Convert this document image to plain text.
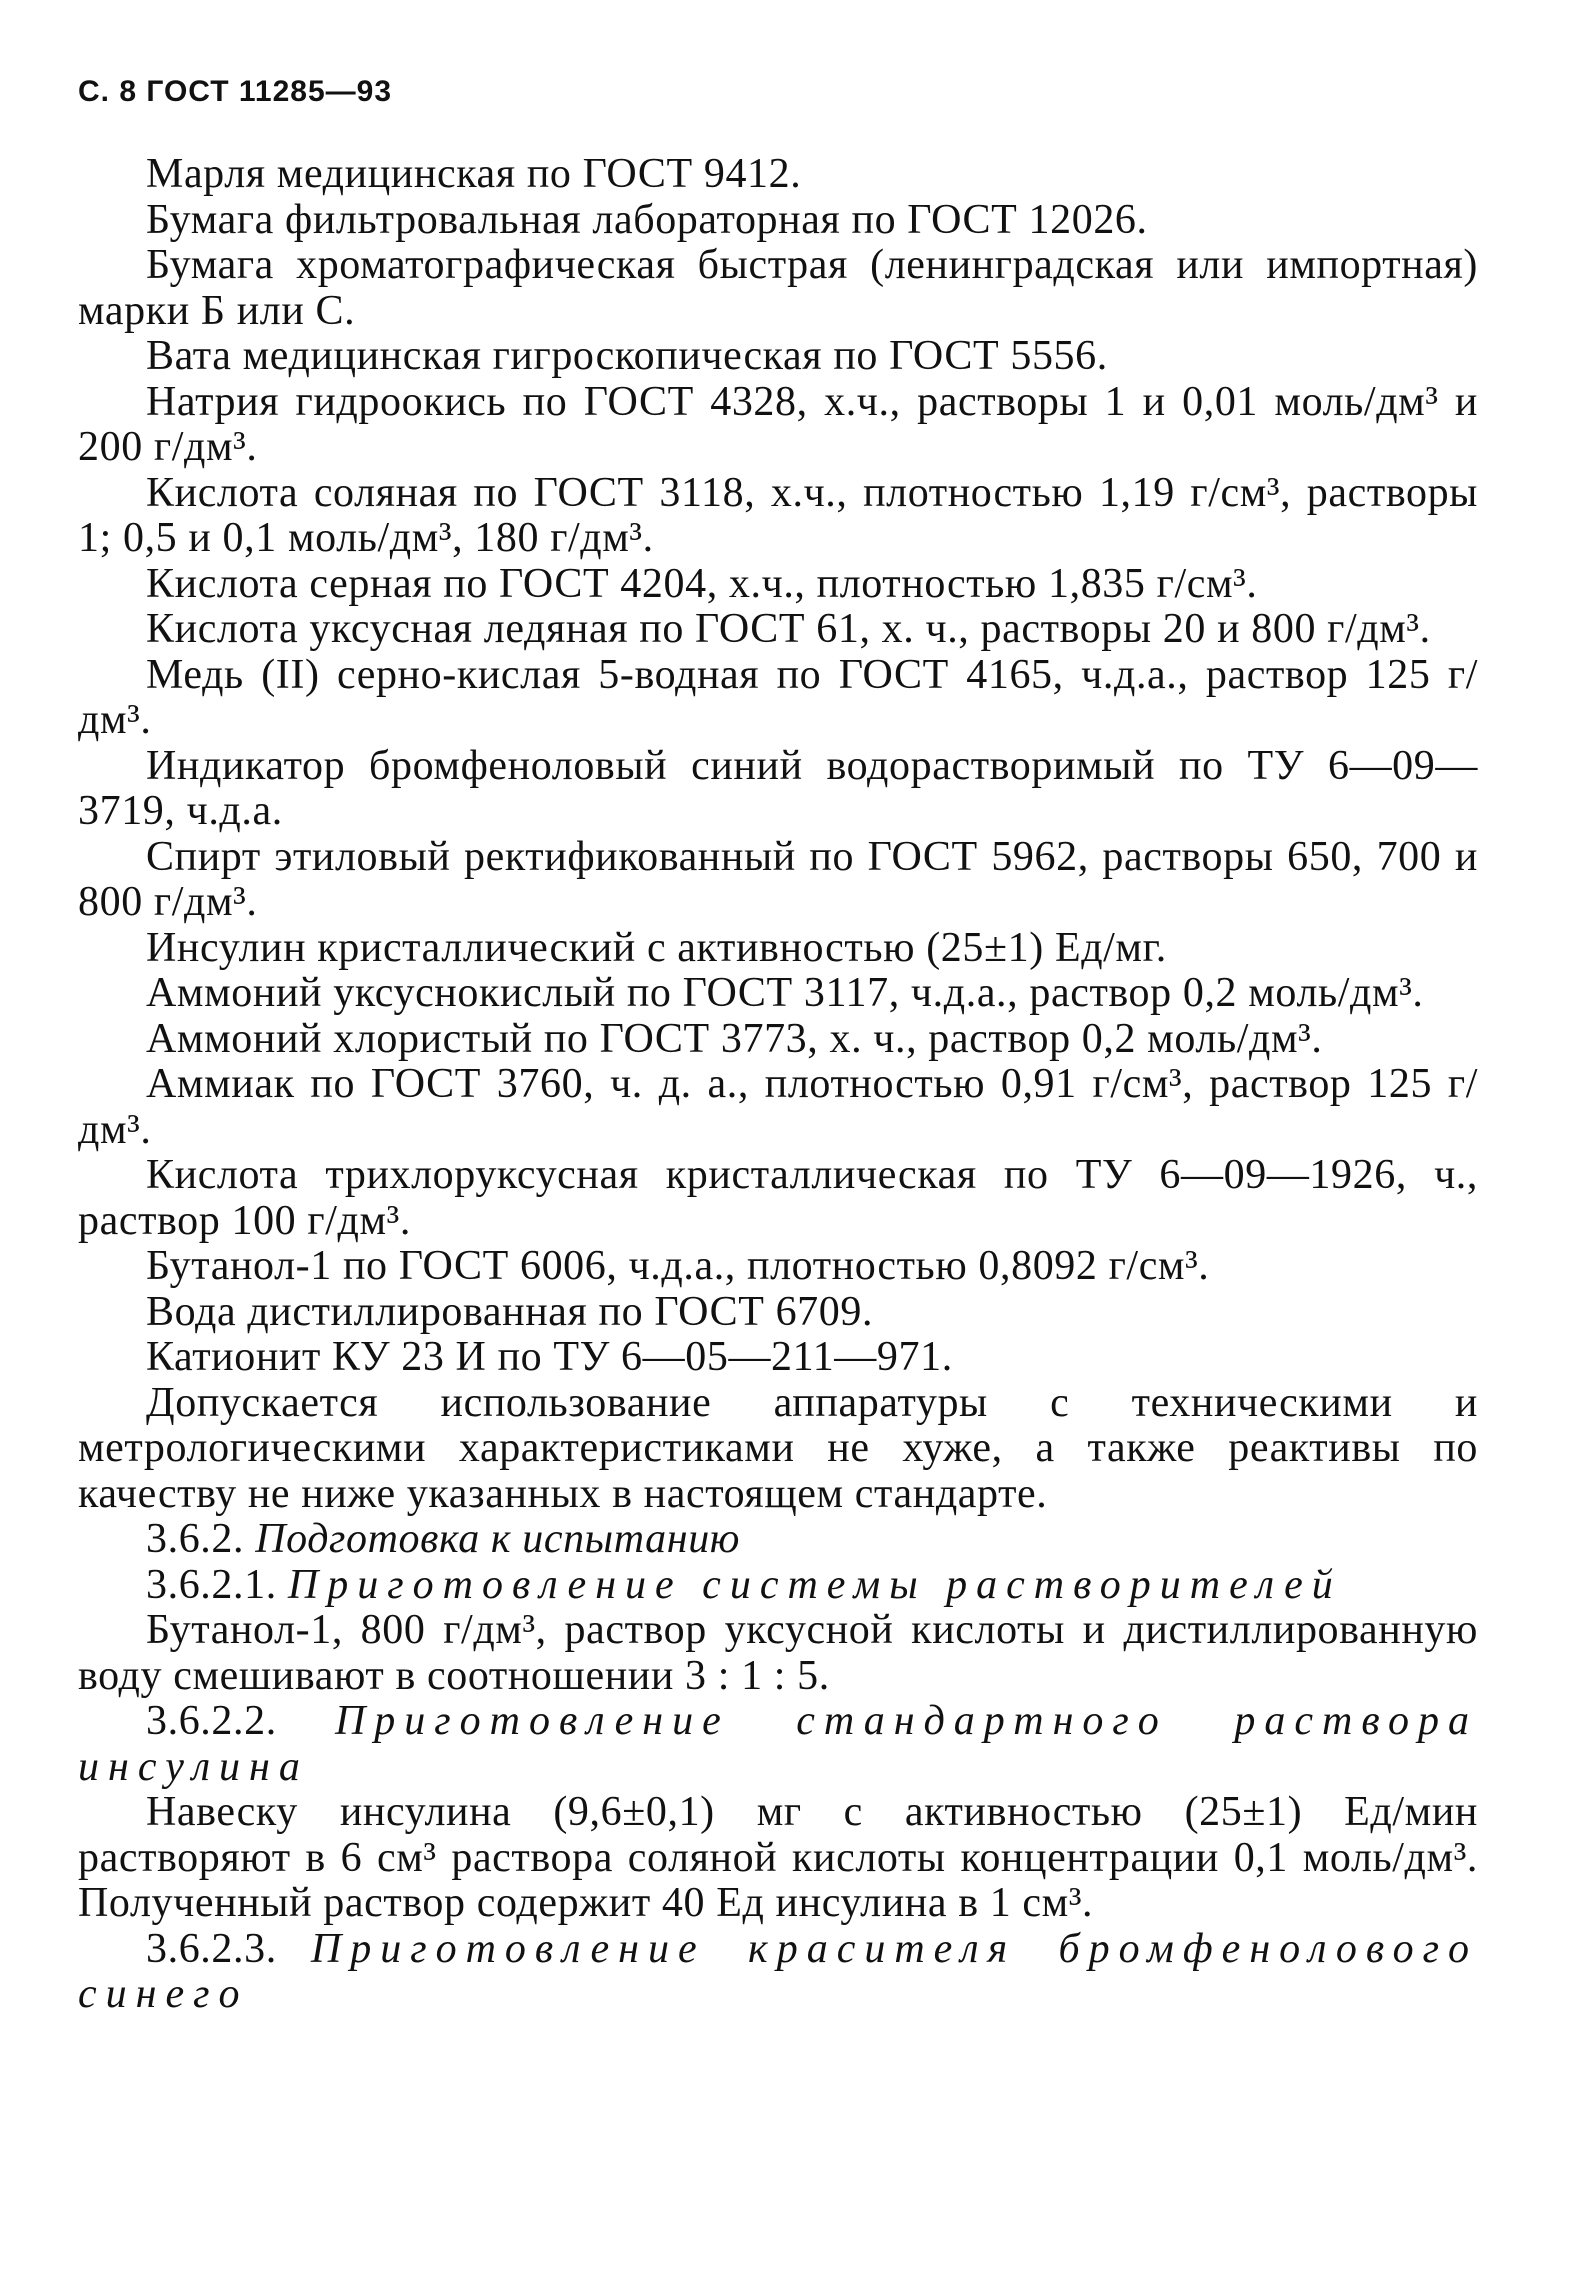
С. 8 ГОСТ 11285—93

Марля медицинская по ГОСТ 9412.

Бумага фильтровальная лабораторная по ГОСТ 12026.

Бумага хроматографическая быстрая (ленинградская или импортная) марки Б или С.

Вата медицинская гигроскопическая по ГОСТ 5556.

Натрия гидроокись по ГОСТ 4328, х.ч., растворы 1 и 0,01 моль/дм³ и 200 г/дм³.

Кислота соляная по ГОСТ 3118, х.ч., плотностью 1,19 г/см³, растворы 1; 0,5 и 0,1 моль/дм³, 180 г/дм³.

Кислота серная по ГОСТ 4204, х.ч., плотностью 1,835 г/см³.

Кислота уксусная ледяная по ГОСТ 61, х. ч., растворы 20 и 800 г/дм³.

Медь (II) серно-кислая 5-водная по ГОСТ 4165, ч.д.а., раствор 125 г/дм³.

Индикатор бромфеноловый синий водорастворимый по ТУ 6—09—3719, ч.д.а.

Спирт этиловый ректификованный по ГОСТ 5962, растворы 650, 700 и 800 г/дм³.

Инсулин кристаллический с активностью (25±1) Ед/мг.

Аммоний уксуснокислый по ГОСТ 3117, ч.д.а., раствор 0,2 моль/дм³.

Аммоний хлористый по ГОСТ 3773, х. ч., раствор 0,2 моль/дм³.

Аммиак по ГОСТ 3760, ч. д. а., плотностью 0,91 г/см³, раствор 125 г/дм³.

Кислота трихлоруксусная кристаллическая по ТУ 6—09—1926, ч., раствор 100 г/дм³.

Бутанол-1 по ГОСТ 6006, ч.д.а., плотностью 0,8092 г/см³.

Вода дистиллированная по ГОСТ 6709.

Катионит КУ 23 И по ТУ 6—05—211—971.

Допускается использование аппаратуры с техническими и метрологическими характеристиками не хуже, а также реактивы по качеству не ниже указанных в настоящем стандарте.

3.6.2. Подготовка к испытанию

3.6.2.1. Приготовление системы растворителей

Бутанол-1, 800 г/дм³, раствор уксусной кислоты и дистиллированную воду смешивают в соотношении 3 : 1 : 5.

3.6.2.2. Приготовление стандартного раствора инсулина

Навеску инсулина (9,6±0,1) мг с активностью (25±1) Ед/мин растворяют в 6 см³ раствора соляной кислоты концентрации 0,1 моль/дм³. Полученный раствор содержит 40 Ед инсулина в 1 см³.

3.6.2.3. Приготовление красителя бромфенолового синего
